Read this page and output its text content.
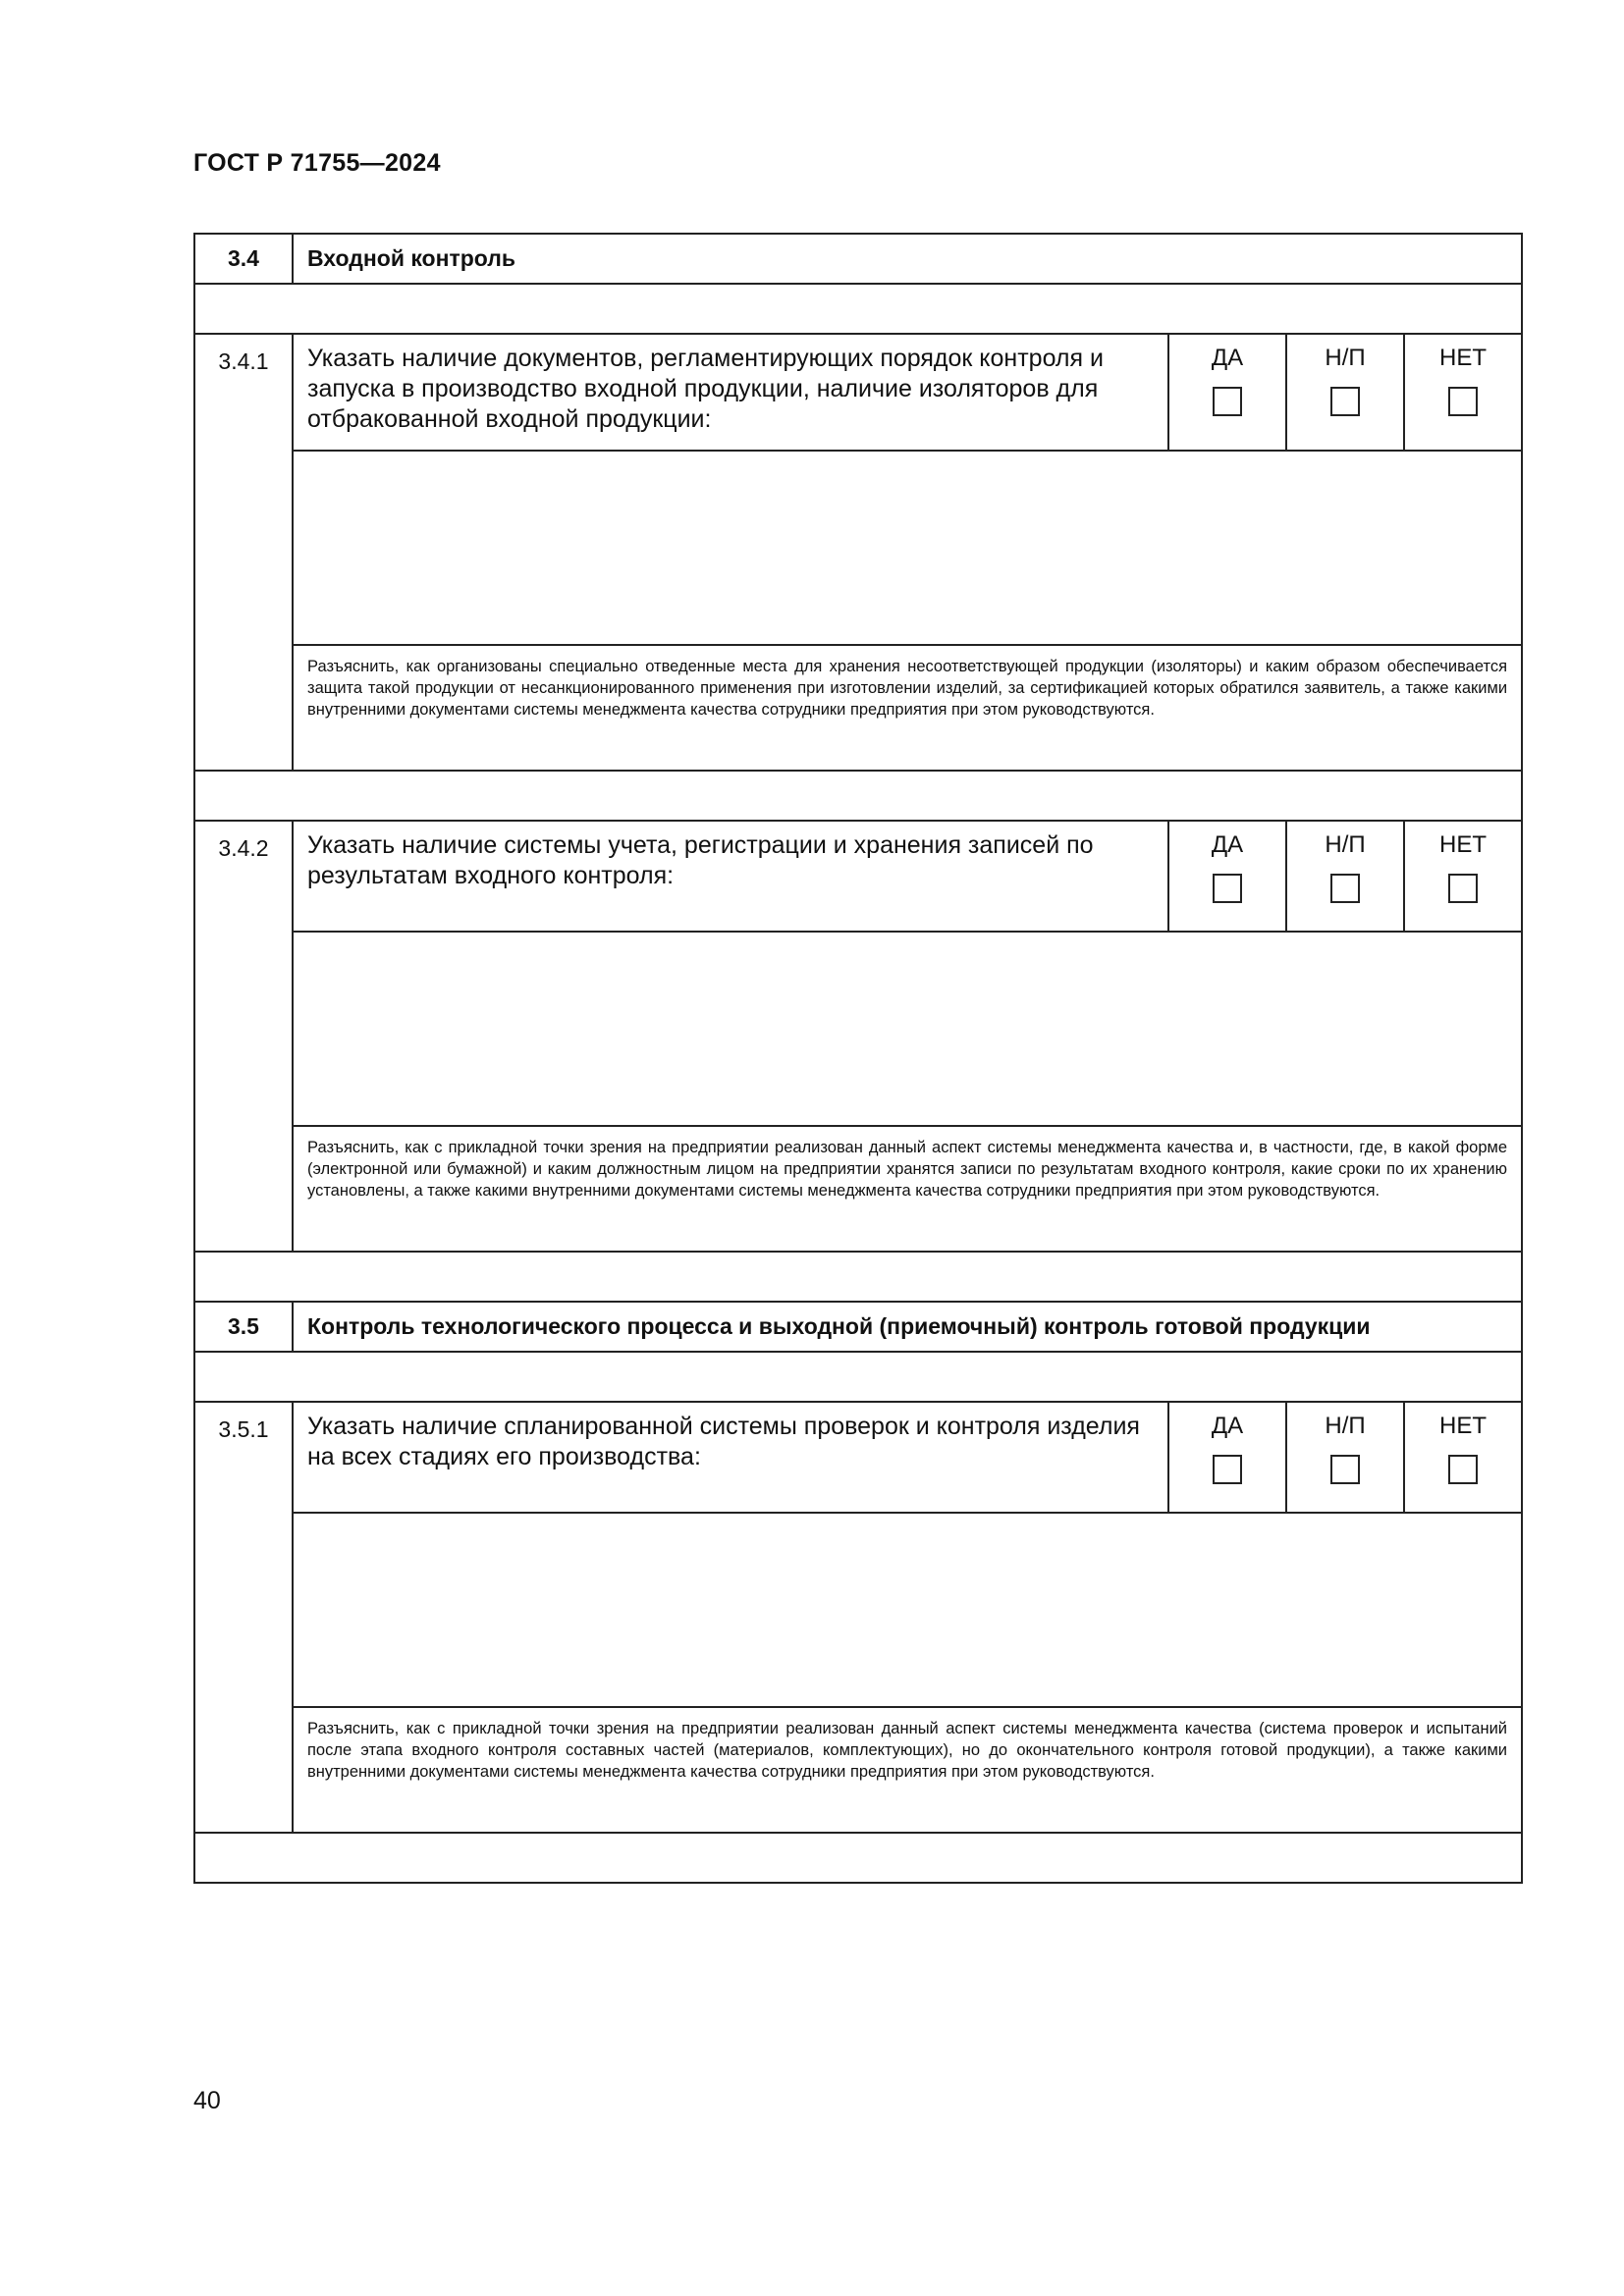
ГОСТ Р 71755—2024
3.4	Входной контроль			

3.4.1	Указать наличие документов, регламентирующих порядок контроля и запуска в производство входной продукции, наличие изоляторов для отбракованной входной продукции:	ДА	Н/П	НЕТ

	Разъяснить, как организованы специально отведенные места для хранения несоответствующей продукции (изоляторы) и каким образом обеспечивается защита такой продукции от несанкционированного применения при изготовлении изделий, за сертификацией которых обратился заявитель, а также какими внутренними документами системы менеджмента качества сотрудники предприятия при этом руководствуются.			

3.4.2	Указать наличие системы учета, регистрации и хранения записей по результатам входного контроля:	ДА	Н/П	НЕТ

	Разъяснить, как с прикладной точки зрения на предприятии реализован данный аспект системы менеджмента качества и, в частности, где, в какой форме (электронной или бумажной) и каким должностным лицом на предприятии хранятся записи по результатам входного контроля, какие сроки по их хранению установлены, а также какими внутренними документами системы менеджмента качества сотрудники предприятия при этом руководствуются.			

3.5	Контроль технологического процесса и выходной (приемочный) контроль готовой продукции			

3.5.1	Указать наличие спланированной системы проверок и контроля изделия на всех стадиях его производства:	ДА	Н/П	НЕТ

	Разъяснить, как с прикладной точки зрения на предприятии реализован данный аспект системы менеджмента качества (система проверок и испытаний после этапа входного контроля составных частей (материалов, комплектующих), но до окончательного контроля готовой продукции), а также какими внутренними документами системы менеджмента качества сотрудники предприятия при этом руководствуются.			

40
